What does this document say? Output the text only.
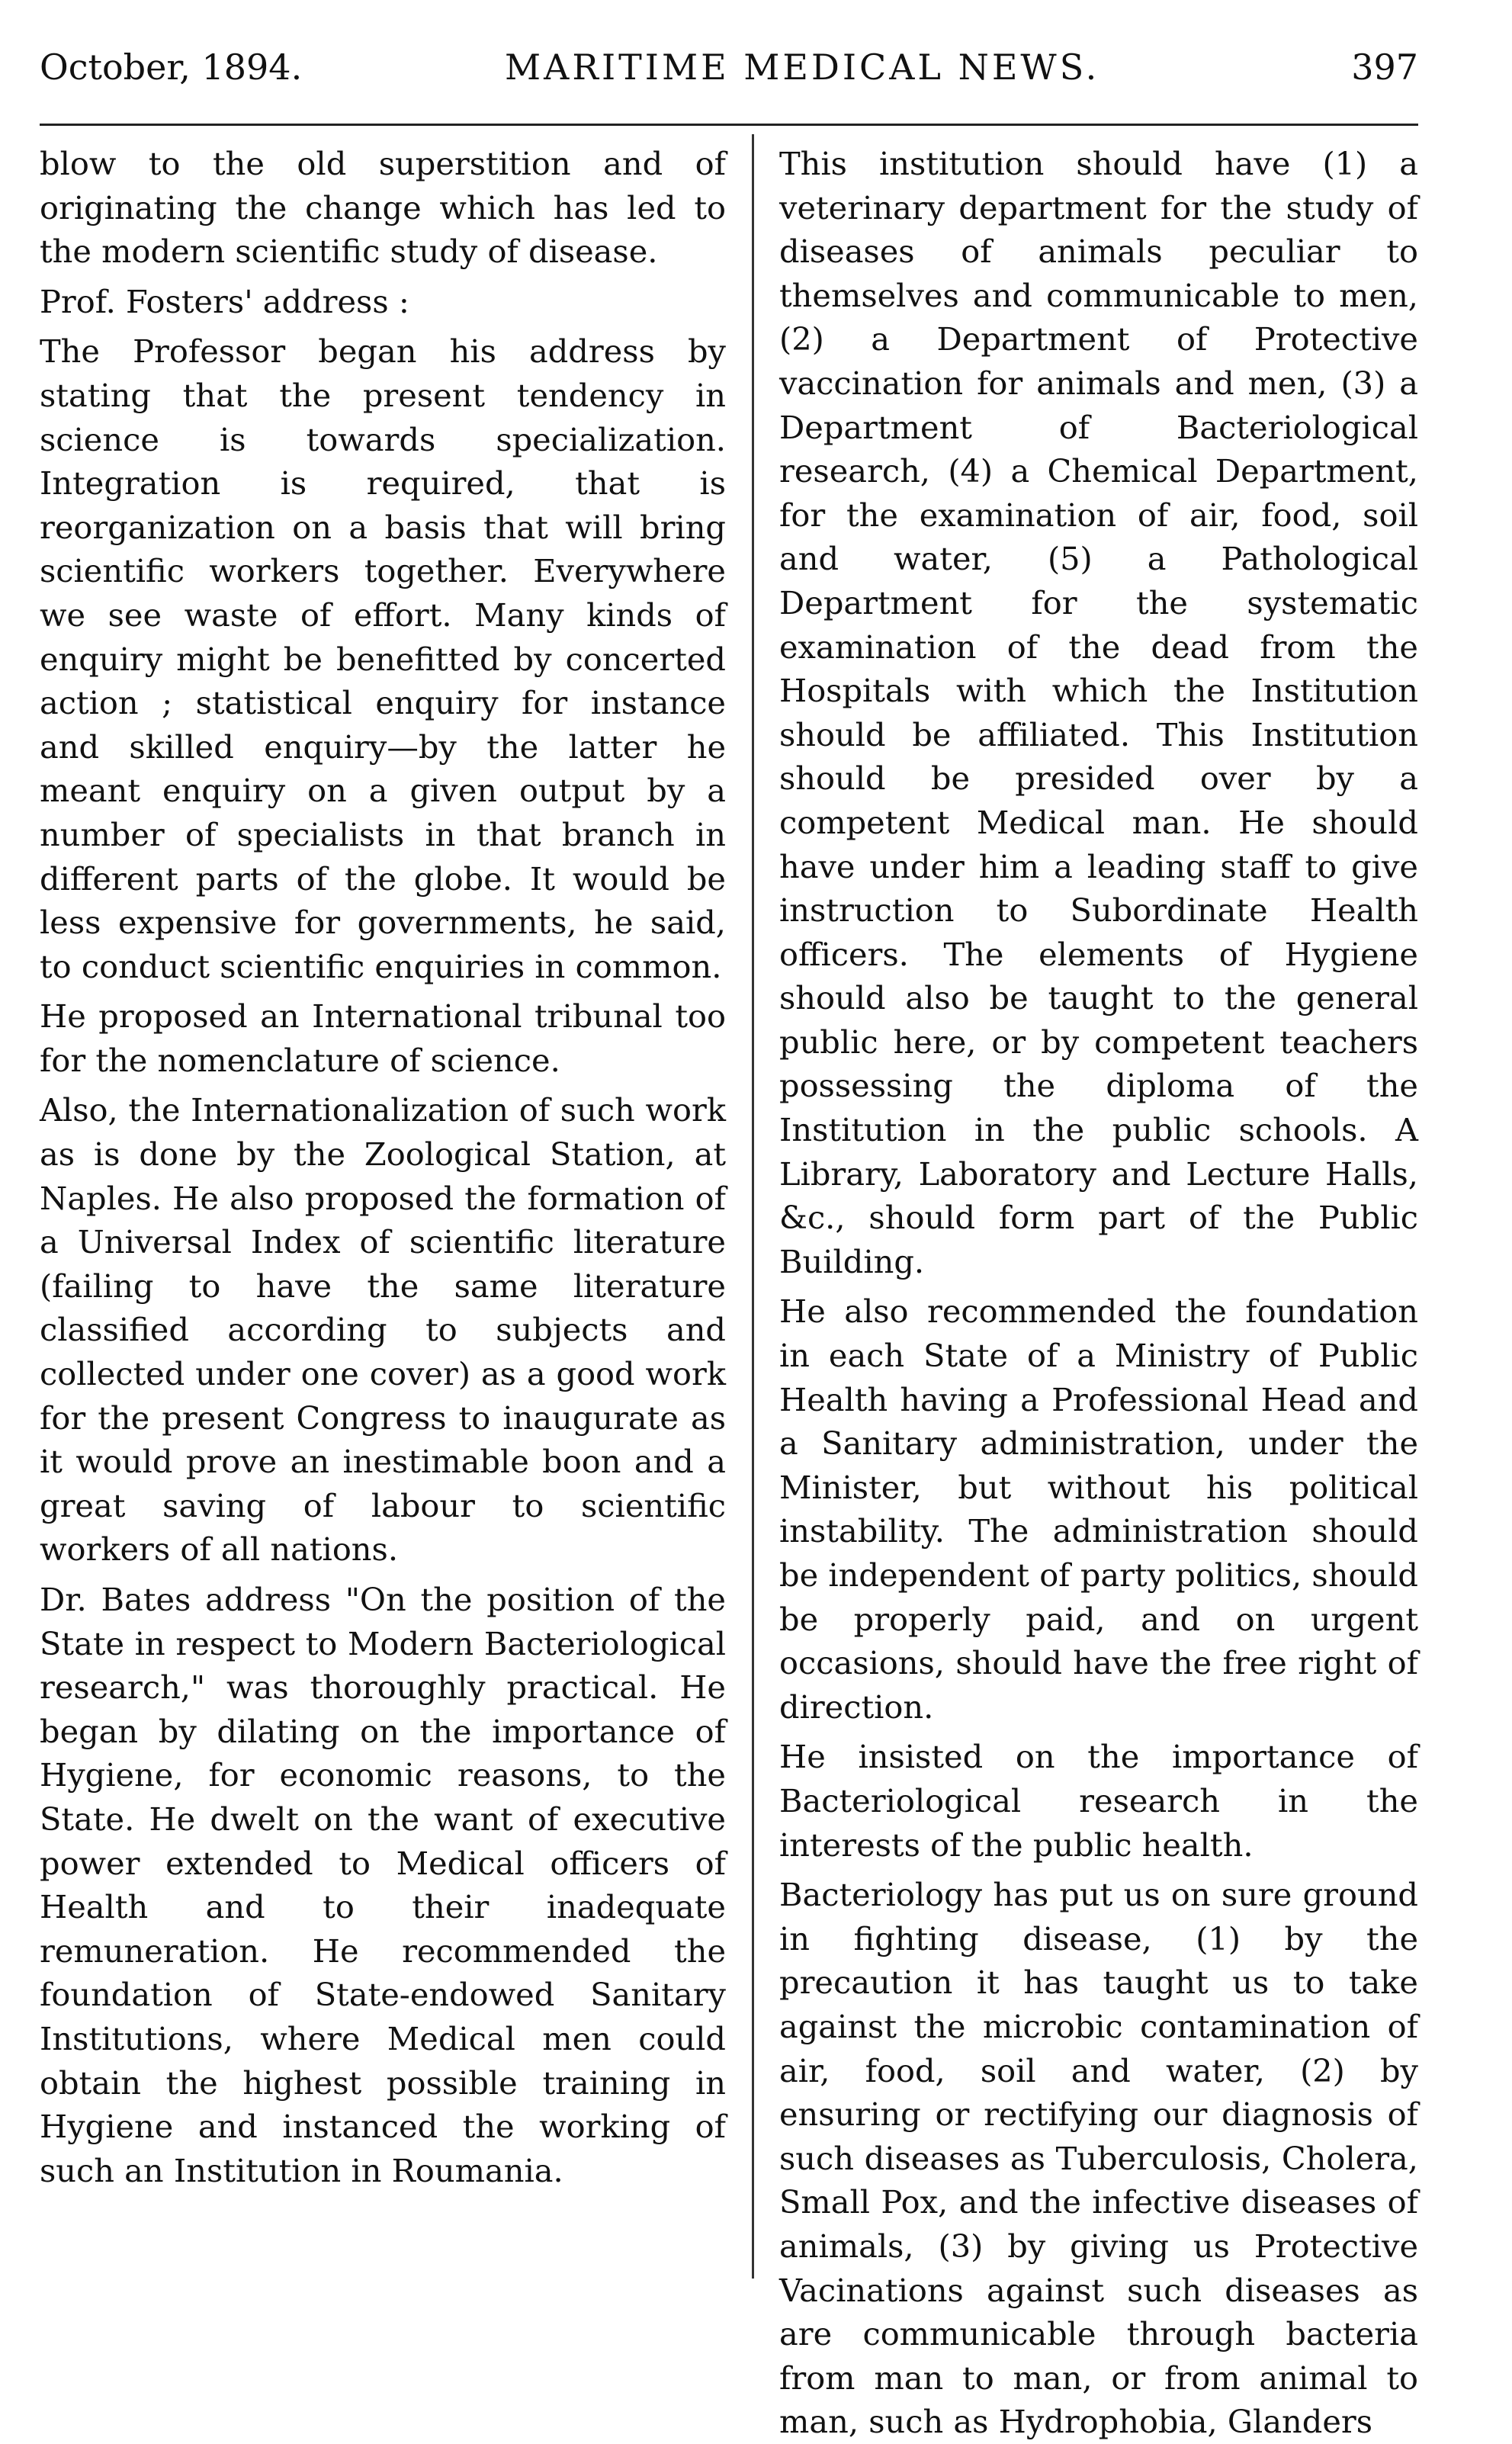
October, 1894.	MARITIME MEDICAL NEWS.	397

blow to the old superstition and of originating the change which has led to the modern scientific study of disease.

Prof. Fosters' address :

The Professor began his address by stating that the present tendency in science is towards specialization. Integration is required, that is reorganization on a basis that will bring scientific workers together. Everywhere we see waste of effort. Many kinds of enquiry might be benefitted by concerted action ; statistical enquiry for instance and skilled enquiry—by the latter he meant enquiry on a given output by a number of specialists in that branch in different parts of the globe. It would be less expensive for governments, he said, to conduct scientific enquiries in common.

He proposed an International tribunal too for the nomenclature of science.

Also, the Internationalization of such work as is done by the Zoological Station, at Naples. He also proposed the formation of a Universal Index of scientific literature (failing to have the same literature classified according to subjects and collected under one cover) as a good work for the present Congress to inaugurate as it would prove an inestimable boon and a great saving of labour to scientific workers of all nations.

Dr. Bates address "On the position of the State in respect to Modern Bacteriological research," was thoroughly practical. He began by dilating on the importance of Hygiene, for economic reasons, to the State. He dwelt on the want of executive power extended to Medical officers of Health and to their inadequate remuneration. He recommended the foundation of State-endowed Sanitary Institutions, where Medical men could obtain the highest possible training in Hygiene and instanced the working of such an Institution in Roumania.

This institution should have (1) a veterinary department for the study of diseases of animals peculiar to themselves and communicable to men, (2) a Department of Protective vaccination for animals and men, (3) a Department of Bacteriological research, (4) a Chemical Department, for the examination of air, food, soil and water, (5) a Pathological Department for the systematic examination of the dead from the Hospitals with which the Institution should be affiliated. This Institution should be presided over by a competent Medical man. He should have under him a leading staff to give instruction to Subordinate Health officers. The elements of Hygiene should also be taught to the general public here, or by competent teachers possessing the diploma of the Institution in the public schools. A Library, Laboratory and Lecture Halls, &c., should form part of the Public Building.

He also recommended the foundation in each State of a Ministry of Public Health having a Professional Head and a Sanitary administration, under the Minister, but without his political instability. The administration should be independent of party politics, should be properly paid, and on urgent occasions, should have the free right of direction.

He insisted on the importance of Bacteriological research in the interests of the public health.

Bacteriology has put us on sure ground in fighting disease, (1) by the precaution it has taught us to take against the microbic contamination of air, food, soil and water, (2) by ensuring or rectifying our diagnosis of such diseases as Tuberculosis, Cholera, Small Pox, and the infective diseases of animals, (3) by giving us Protective Vacinations against such diseases as are communicable through bacteria from man to man, or from animal to man, such as Hydrophobia, Glanders
